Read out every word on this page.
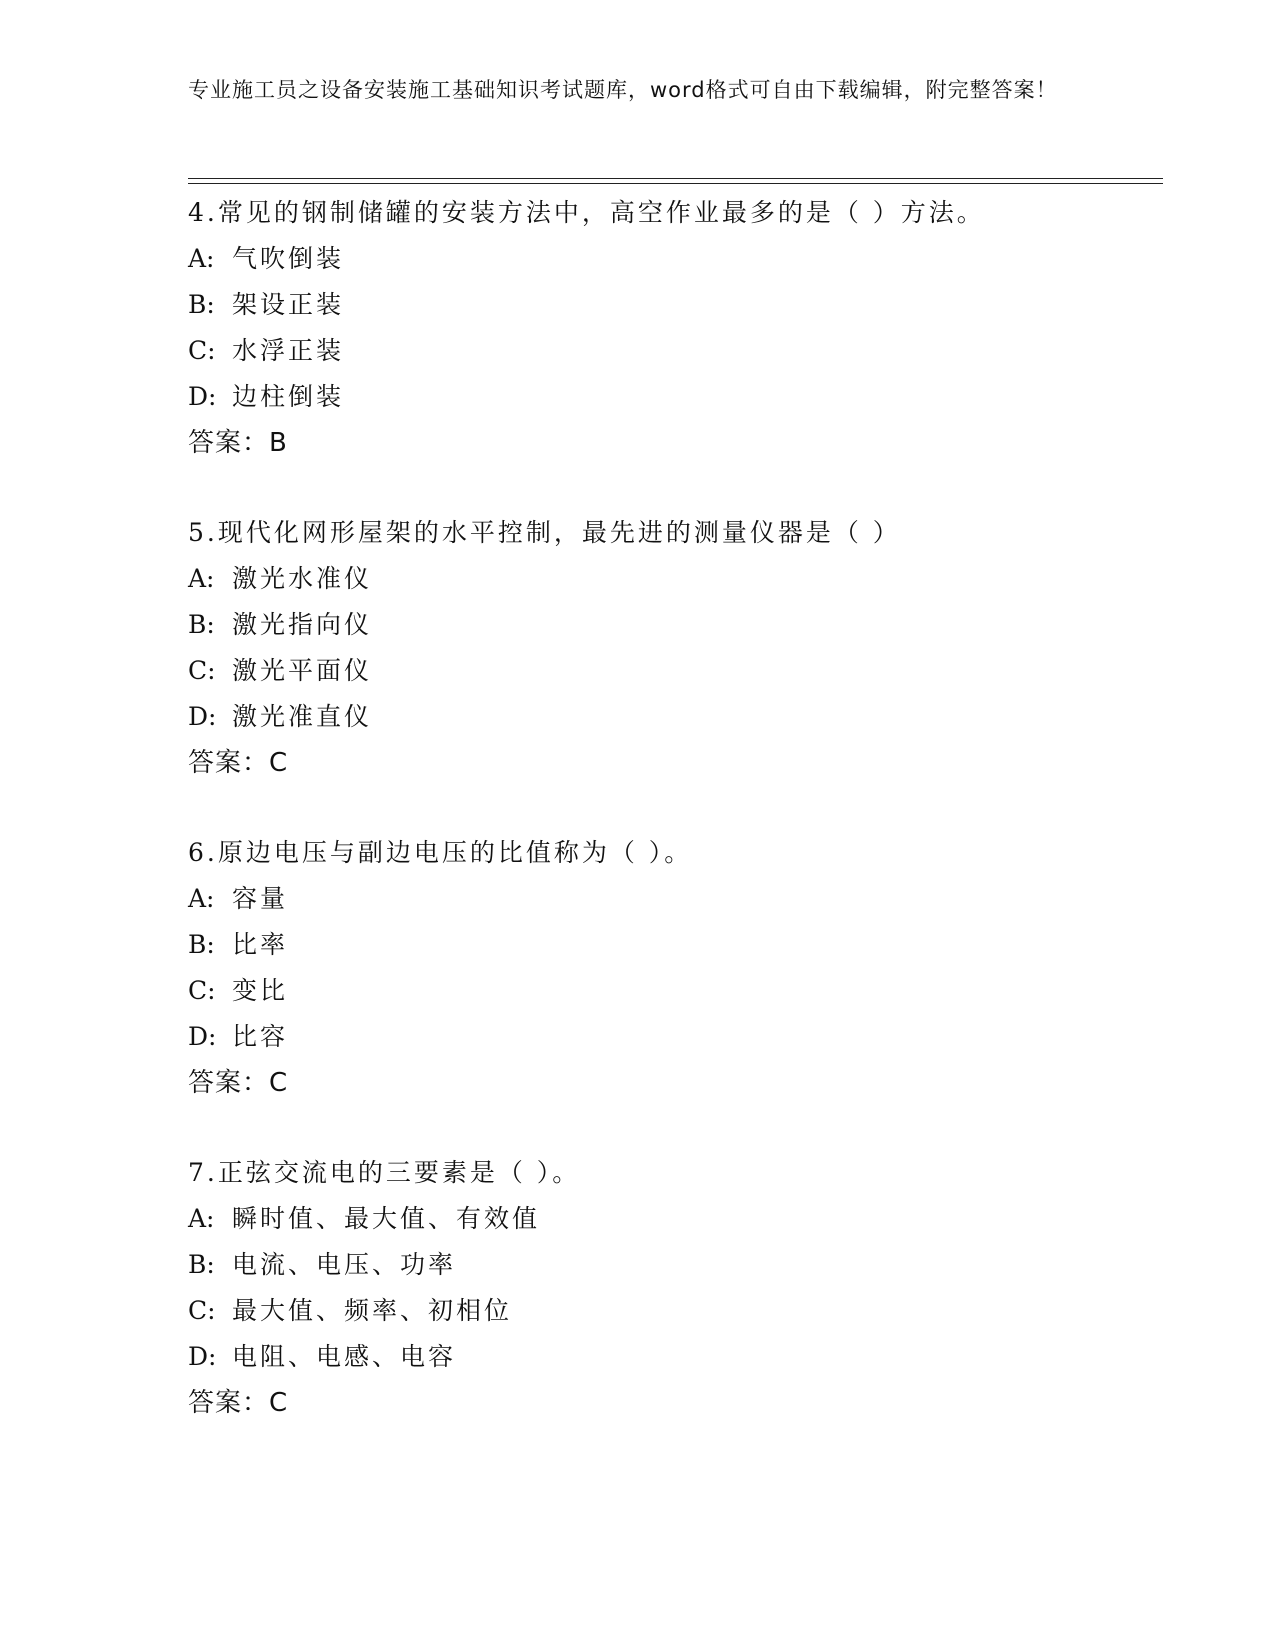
专业施工员之设备安装施工基础知识考试题库，word格式可自由下载编辑，附完整答案！
4.常见的钢制储罐的安装方法中，高空作业最多的是（ ）方法。
A: 气吹倒装
B: 架设正装
C: 水浮正装
D: 边柱倒装
答案：B
5.现代化网形屋架的水平控制，最先进的测量仪器是（ ）
A: 激光水准仪
B: 激光指向仪
C: 激光平面仪
D: 激光准直仪
答案：C
6.原边电压与副边电压的比值称为（ ）。
A: 容量
B: 比率
C: 变比
D: 比容
答案：C
7.正弦交流电的三要素是（ ）。
A: 瞬时值、最大值、有效值
B: 电流、电压、功率
C: 最大值、频率、初相位
D: 电阻、电感、电容
答案：C
